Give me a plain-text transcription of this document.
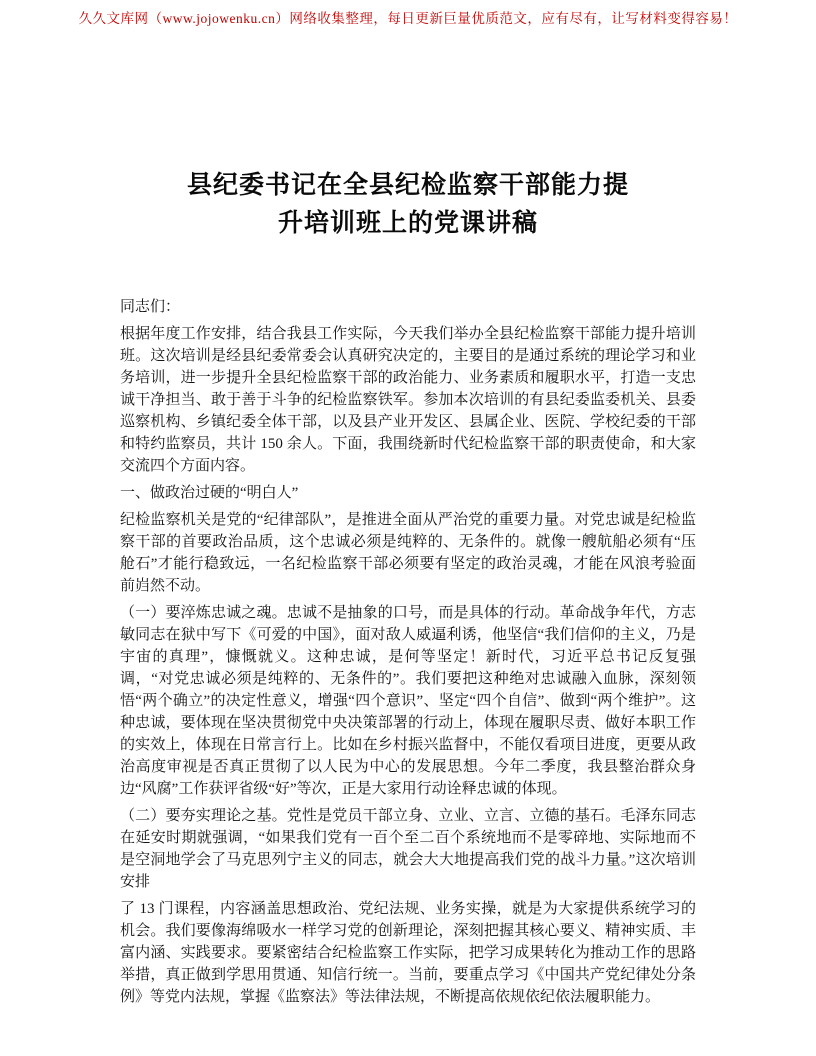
久久文库网（www.jojowenku.cn）网络收集整理，每日更新巨量优质范文，应有尽有，让写材料变得容易！
县纪委书记在全县纪检监察干部能力提
升培训班上的党课讲稿

同志们：

根据年度工作安排，结合我县工作实际，今天我们举办全县纪检监察干部能力提升培训班。这次培训是经县纪委常委会认真研究决定的，主要目的是通过系统的理论学习和业务培训，进一步提升全县纪检监察干部的政治能力、业务素质和履职水平，打造一支忠诚干净担当、敢于善于斗争的纪检监察铁军。参加本次培训的有县纪委监委机关、县委巡察机构、乡镇纪委全体干部，以及县产业开发区、县属企业、医院、学校纪委的干部和特约监察员，共计 150 余人。下面，我围绕新时代纪检监察干部的职责使命，和大家交流四个方面内容。

一、做政治过硬的“明白人”

纪检监察机关是党的“纪律部队”，是推进全面从严治党的重要力量。对党忠诚是纪检监察干部的首要政治品质，这个忠诚必须是纯粹的、无条件的。就像一艘航船必须有“压舱石”才能行稳致远，一名纪检监察干部必须要有坚定的政治灵魂，才能在风浪考验面前岿然不动。

（一）要淬炼忠诚之魂。忠诚不是抽象的口号，而是具体的行动。革命战争年代，方志敏同志在狱中写下《可爱的中国》，面对敌人威逼利诱，他坚信“我们信仰的主义，乃是宇宙的真理”，慷慨就义。这种忠诚，是何等坚定！新时代，习近平总书记反复强调，“对党忠诚必须是纯粹的、无条件的”。我们要把这种绝对忠诚融入血脉，深刻领悟“两个确立”的决定性意义，增强“四个意识”、坚定“四个自信”、做到“两个维护”。这种忠诚，要体现在坚决贯彻党中央决策部署的行动上，体现在履职尽责、做好本职工作的实效上，体现在日常言行上。比如在乡村振兴监督中，不能仅看项目进度，更要从政治高度审视是否真正贯彻了以人民为中心的发展思想。今年二季度，我县整治群众身边“风腐”工作获评省级“好”等次，正是大家用行动诠释忠诚的体现。

（二）要夯实理论之基。党性是党员干部立身、立业、立言、立德的基石。毛泽东同志在延安时期就强调，“如果我们党有一百个至二百个系统地而不是零碎地、实际地而不是空洞地学会了马克思列宁主义的同志，就会大大地提高我们党的战斗力量。”这次培训安排

了 13 门课程，内容涵盖思想政治、党纪法规、业务实操，就是为大家提供系统学习的机会。我们要像海绵吸水一样学习党的创新理论，深刻把握其核心要义、精神实质、丰富内涵、实践要求。要紧密结合纪检监察工作实际，把学习成果转化为推动工作的思路举措，真正做到学思用贯通、知信行统一。当前，要重点学习《中国共产党纪律处分条例》等党内法规，掌握《监察法》等法律法规，不断提高依规依纪依法履职能力。
